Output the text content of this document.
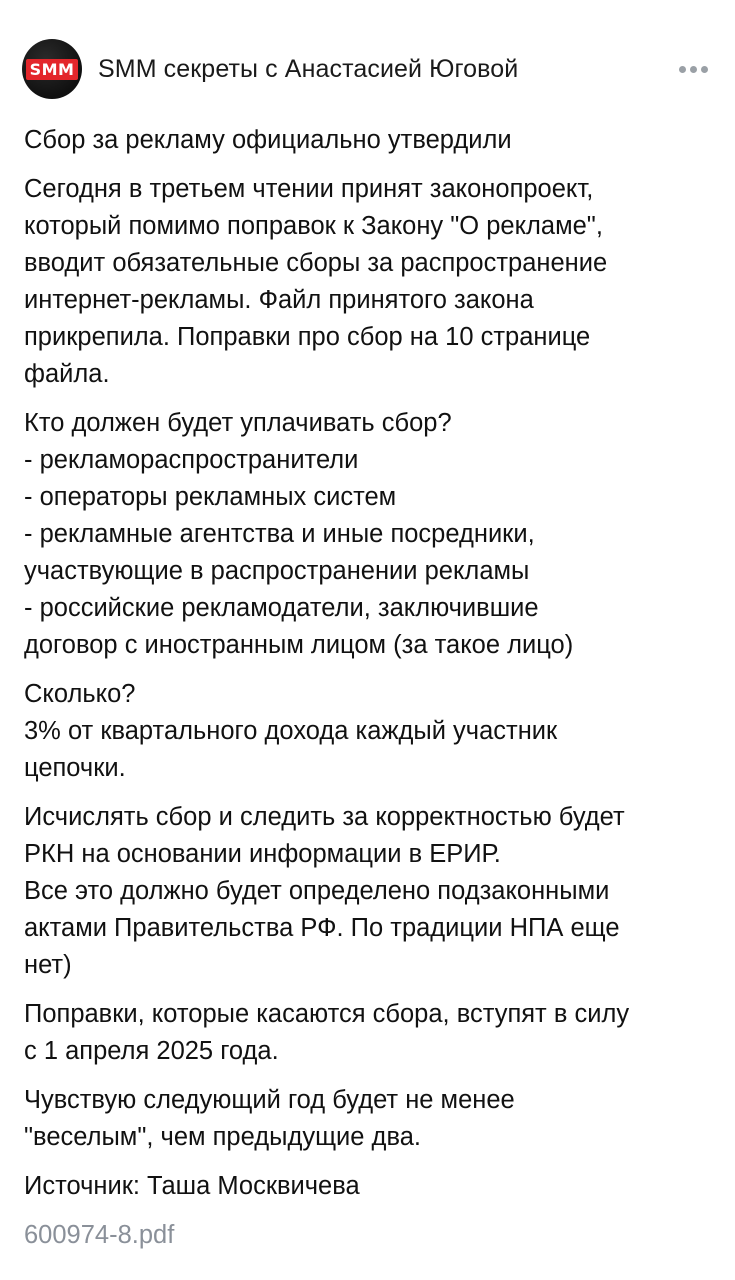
SMM SMM секреты с Анастасией Юговой

Сбор за рекламу официально утвердили

Сегодня в третьем чтении принят законопроект,
который помимо поправок к Закону "О рекламе",
вводит обязательные сборы за распространение
интернет-рекламы. Файл принятого закона
прикрепила. Поправки про сбор на 10 странице
файла.

Кто должен будет уплачивать сбор?
- рекламораспространители
- операторы рекламных систем
- рекламные агентства и иные посредники,
участвующие в распространении рекламы
- российские рекламодатели, заключившие
договор с иностранным лицом (за такое лицо)

Сколько?
3% от квартального дохода каждый участник
цепочки.

Исчислять сбор и следить за корректностью будет
РКН на основании информации в ЕРИР.
Все это должно будет определено подзаконными
актами Правительства РФ. По традиции НПА еще
нет)

Поправки, которые касаются сбора, вступят в силу
с 1 апреля 2025 года.

Чувствую следующий год будет не менее
"веселым", чем предыдущие два.

Источник: Таша Москвичева

600974-8.pdf
